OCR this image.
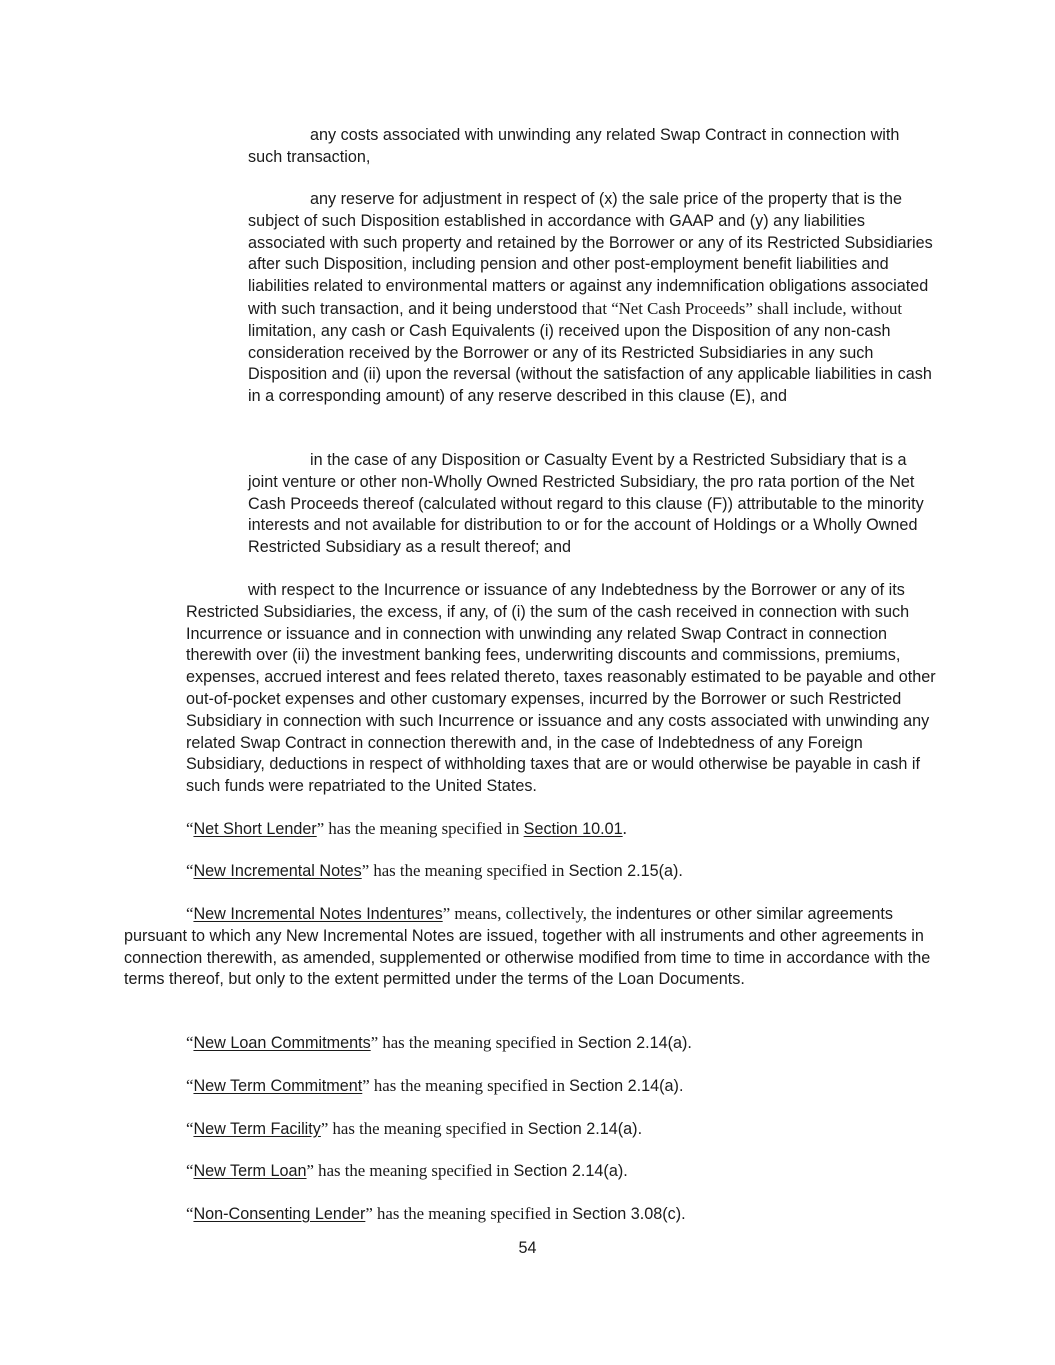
any costs associated with unwinding any related Swap Contract in connection with such transaction,

any reserve for adjustment in respect of (x) the sale price of the property that is the subject of such Disposition established in accordance with GAAP and (y) any liabilities associated with such property and retained by the Borrower or any of its Restricted Subsidiaries after such Disposition, including pension and other post-employment benefit liabilities and liabilities related to environmental matters or against any indemnification obligations associated with such transaction, and it being understood that “Net Cash Proceeds” shall include, without limitation, any cash or Cash Equivalents (i) received upon the Disposition of any non-cash consideration received by the Borrower or any of its Restricted Subsidiaries in any such Disposition and (ii) upon the reversal (without the satisfaction of any applicable liabilities in cash in a corresponding amount) of any reserve described in this clause (E), and

in the case of any Disposition or Casualty Event by a Restricted Subsidiary that is a joint venture or other non-Wholly Owned Restricted Subsidiary, the pro rata portion of the Net Cash Proceeds thereof (calculated without regard to this clause (F)) attributable to the minority interests and not available for distribution to or for the account of Holdings or a Wholly Owned Restricted Subsidiary as a result thereof; and

with respect to the Incurrence or issuance of any Indebtedness by the Borrower or any of its Restricted Subsidiaries, the excess, if any, of (i) the sum of the cash received in connection with such Incurrence or issuance and in connection with unwinding any related Swap Contract in connection therewith over (ii) the investment banking fees, underwriting discounts and commissions, premiums, expenses, accrued interest and fees related thereto, taxes reasonably estimated to be payable and other out-of-pocket expenses and other customary expenses, incurred by the Borrower or such Restricted Subsidiary in connection with such Incurrence or issuance and any costs associated with unwinding any related Swap Contract in connection therewith and, in the case of Indebtedness of any Foreign Subsidiary, deductions in respect of withholding taxes that are or would otherwise be payable in cash if such funds were repatriated to the United States.

“Net Short Lender” has the meaning specified in Section 10.01.

“New Incremental Notes” has the meaning specified in Section 2.15(a).

“New Incremental Notes Indentures” means, collectively, the indentures or other similar agreements pursuant to which any New Incremental Notes are issued, together with all instruments and other agreements in connection therewith, as amended, supplemented or otherwise modified from time to time in accordance with the terms thereof, but only to the extent permitted under the terms of the Loan Documents.

“New Loan Commitments” has the meaning specified in Section 2.14(a).

“New Term Commitment” has the meaning specified in Section 2.14(a).

“New Term Facility” has the meaning specified in Section 2.14(a).

“New Term Loan” has the meaning specified in Section 2.14(a).

“Non-Consenting Lender” has the meaning specified in Section 3.08(c).

54
